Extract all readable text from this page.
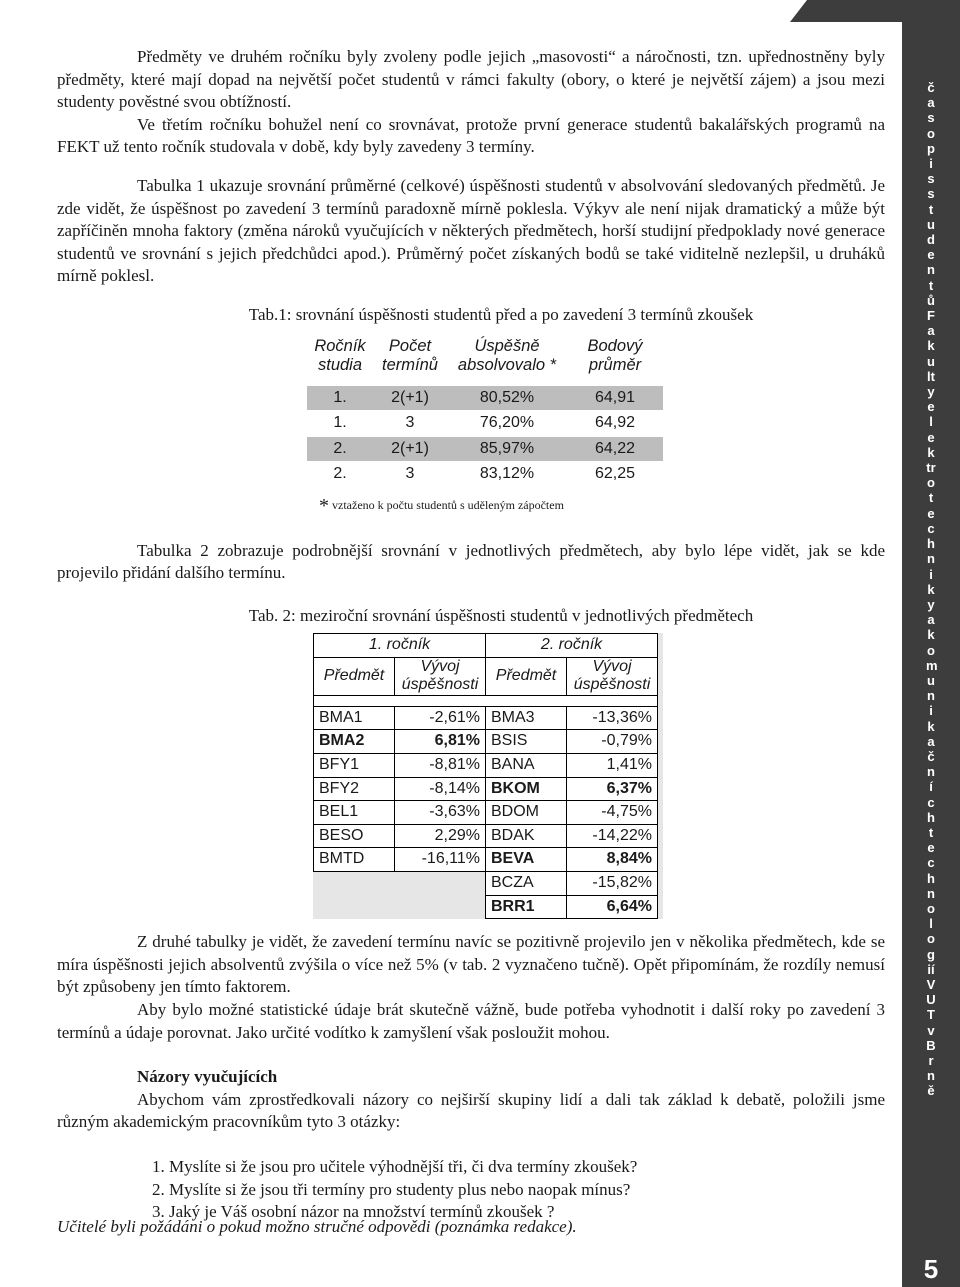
časopis studentů Fakulty elektrotechniky a komunikačních technologií VUT v Brně
5

Předměty ve druhém ročníku byly zvoleny podle jejich „masovosti“ a náročnosti, tzn. upřednostněny byly předměty, které mají dopad na největší počet studentů v rámci fakulty (obory, o které je největší zájem) a jsou mezi studenty pověstné svou obtížností.

Ve třetím ročníku bohužel není co srovnávat, protože první generace studentů bakalářských programů na FEKT už tento ročník studovala v době, kdy byly zavedeny 3 termíny.

Tabulka 1 ukazuje srovnání průměrné (celkové) úspěšnosti studentů v absolvování sledovaných předmětů. Je zde vidět, že úspěšnost po zavedení 3 termínů paradoxně mírně poklesla. Výkyv ale není nijak dramatický a může být zapříčiněn mnoha faktory (změna nároků vyučujících v některých předmětech, horší studijní předpoklady nové generace studentů ve srovnání s jejich předchůdci apod.). Průměrný počet získaných bodů se také viditelně nezlepšil, u druháků mírně poklesl.

Tab.1: srovnání úspěšnosti studentů před a po zavedení 3 termínů zkoušek

Ročník studia	Počet termínů	Úspěšně absolvovalo *	Bodový průměr

1.	2(+1)	80,52%	64,91
1.	3	76,20%	64,92
2.	2(+1)	85,97%	64,22
2.	3	83,12%	62,25
* vztaženo k počtu studentů s uděleným zápočtem

Tabulka 2 zobrazuje podrobnější srovnání v jednotlivých předmětech, aby bylo lépe vidět, jak se kde projevilo přidání dalšího termínu.

Tab. 2: meziroční srovnání úspěšnosti studentů v jednotlivých předmětech

1. ročník		2. ročník	
Předmět	Vývoj úspěšnosti	Předmět	Vývoj úspěšnosti

BMA1	-2,61%	BMA3	-13,36%
BMA2	6,81%	BSIS	-0,79%
BFY1	-8,81%	BANA	1,41%
BFY2	-8,14%	BKOM	6,37%
BEL1	-3,63%	BDOM	-4,75%
BESO	2,29%	BDAK	-14,22%
BMTD	-16,11%	BEVA	8,84%
		BCZA	-15,82%
		BRR1	6,64%

Z druhé tabulky je vidět, že zavedení termínu navíc se pozitivně projevilo jen v několika předmětech, kde se míra úspěšnosti jejich absolventů zvýšila o více než 5% (v tab. 2 vyznačeno tučně). Opět připomínám, že rozdíly nemusí být způsobeny jen tímto faktorem.

Aby bylo možné statistické údaje brát skutečně vážně, bude potřeba vyhodnotit i další roky po zavedení 3 termínů a údaje porovnat. Jako určité vodítko k zamyšlení však posloužit mohou.

Názory vyučujících

Abychom vám zprostředkovali názory co nejširší skupiny lidí a dali tak základ k debatě, položili jsme různým akademickým pracovníkům tyto 3 otázky:

1. Myslíte si že jsou pro učitele výhodnější tři, či dva termíny zkoušek?
2. Myslíte si že jsou tři termíny pro studenty plus nebo naopak mínus?
3. Jaký je Váš osobní názor na množství termínů zkoušek ?
Učitelé byli požádáni o pokud možno stručné odpovědi (poznámka redakce).
